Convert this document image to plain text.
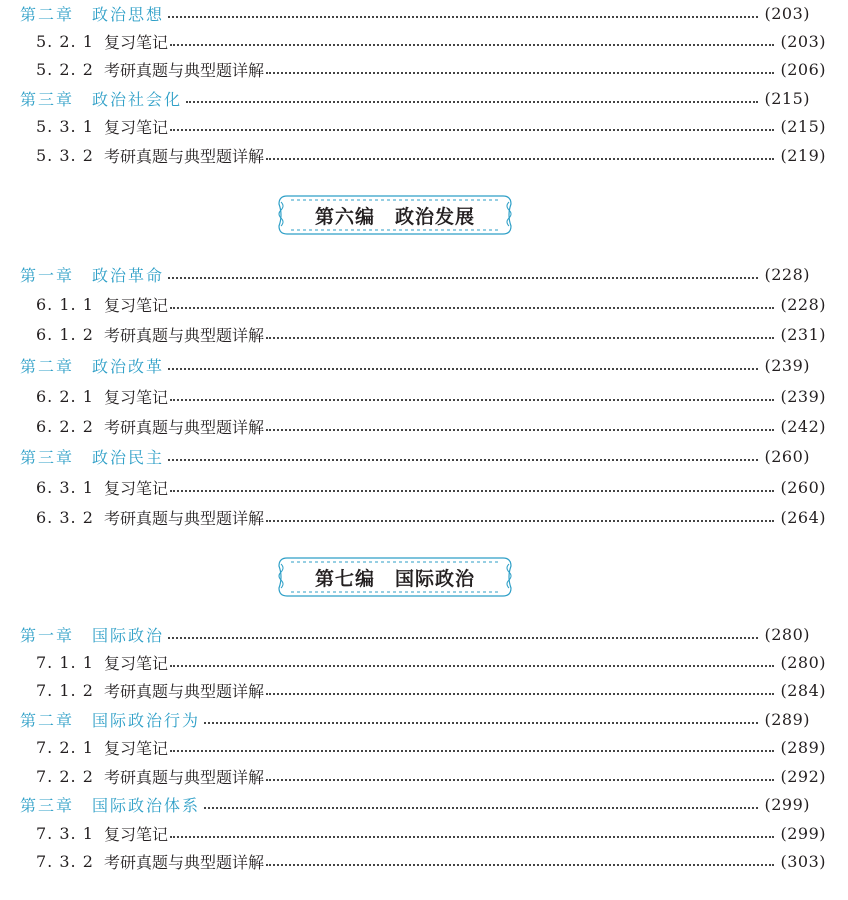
第二章　政治思想	(203)
5. 2. 1 复习笔记	(203)
5. 2. 2 考研真题与典型题详解	(206)
第三章　政治社会化	(215)
5. 3. 1 复习笔记	(215)
5. 3. 2 考研真题与典型题详解	(219)
第六编　政治发展
第一章　政治革命	(228)
6. 1. 1 复习笔记	(228)
6. 1. 2 考研真题与典型题详解	(231)
第二章　政治改革	(239)
6. 2. 1 复习笔记	(239)
6. 2. 2 考研真题与典型题详解	(242)
第三章　政治民主	(260)
6. 3. 1 复习笔记	(260)
6. 3. 2 考研真题与典型题详解	(264)
第七编　国际政治
第一章　国际政治	(280)
7. 1. 1 复习笔记	(280)
7. 1. 2 考研真题与典型题详解	(284)
第二章　国际政治行为	(289)
7. 2. 1 复习笔记	(289)
7. 2. 2 考研真题与典型题详解	(292)
第三章　国际政治体系	(299)
7. 3. 1 复习笔记	(299)
7. 3. 2 考研真题与典型题详解	(303)
